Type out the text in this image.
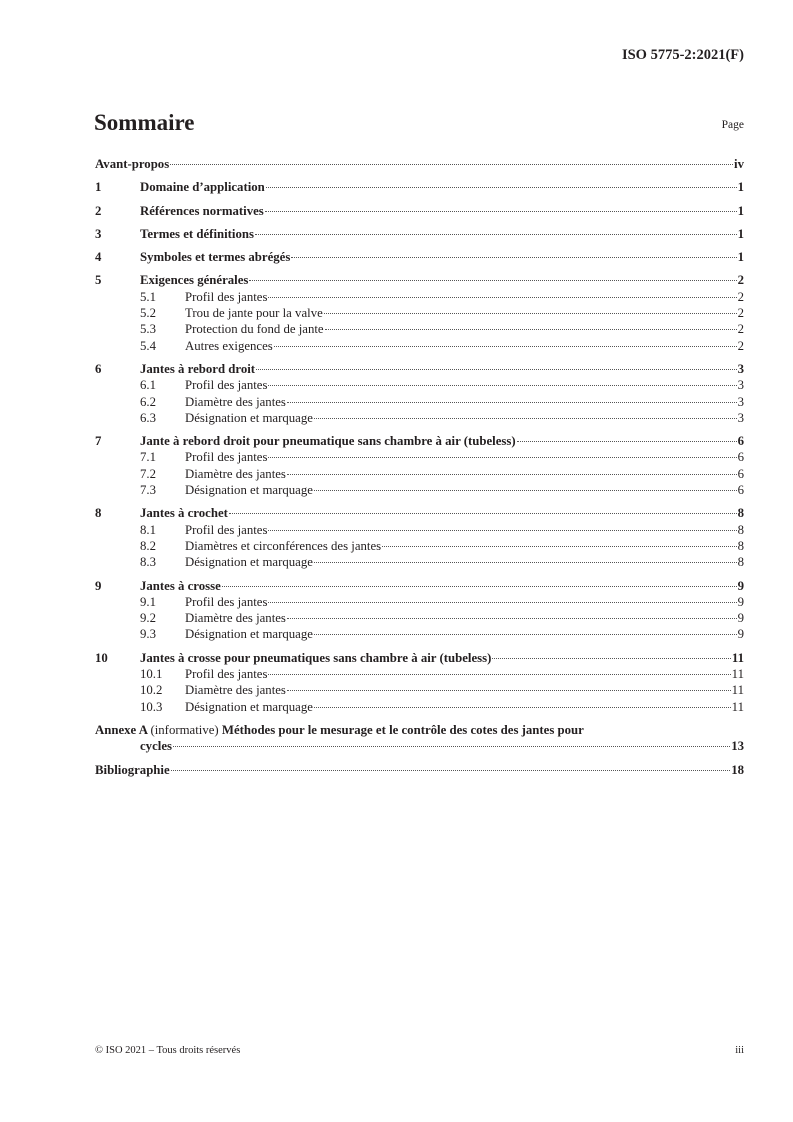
ISO 5775-2:2021(F)
Sommaire	Page
Avant-propos	iv
1	Domaine d’application	1
2	Références normatives	1
3	Termes et définitions	1
4	Symboles et termes abrégés	1
5	Exigences générales	2
5.1	Profil des jantes	2
5.2	Trou de jante pour la valve	2
5.3	Protection du fond de jante	2
5.4	Autres exigences	2
6	Jantes à rebord droit	3
6.1	Profil des jantes	3
6.2	Diamètre des jantes	3
6.3	Désignation et marquage	3
7	Jante à rebord droit pour pneumatique sans chambre à air (tubeless)	6
7.1	Profil des jantes	6
7.2	Diamètre des jantes	6
7.3	Désignation et marquage	6
8	Jantes à crochet	8
8.1	Profil des jantes	8
8.2	Diamètres et circonférences des jantes	8
8.3	Désignation et marquage	8
9	Jantes à crosse	9
9.1	Profil des jantes	9
9.2	Diamètre des jantes	9
9.3	Désignation et marquage	9
10	Jantes à crosse pour pneumatiques sans chambre à air (tubeless)	11
10.1	Profil des jantes	11
10.2	Diamètre des jantes	11
10.3	Désignation et marquage	11
Annexe A (informative) Méthodes pour le mesurage et le contrôle des cotes des jantes pour
cycles	13
Bibliographie	18
© ISO 2021 – Tous droits réservés	iii
